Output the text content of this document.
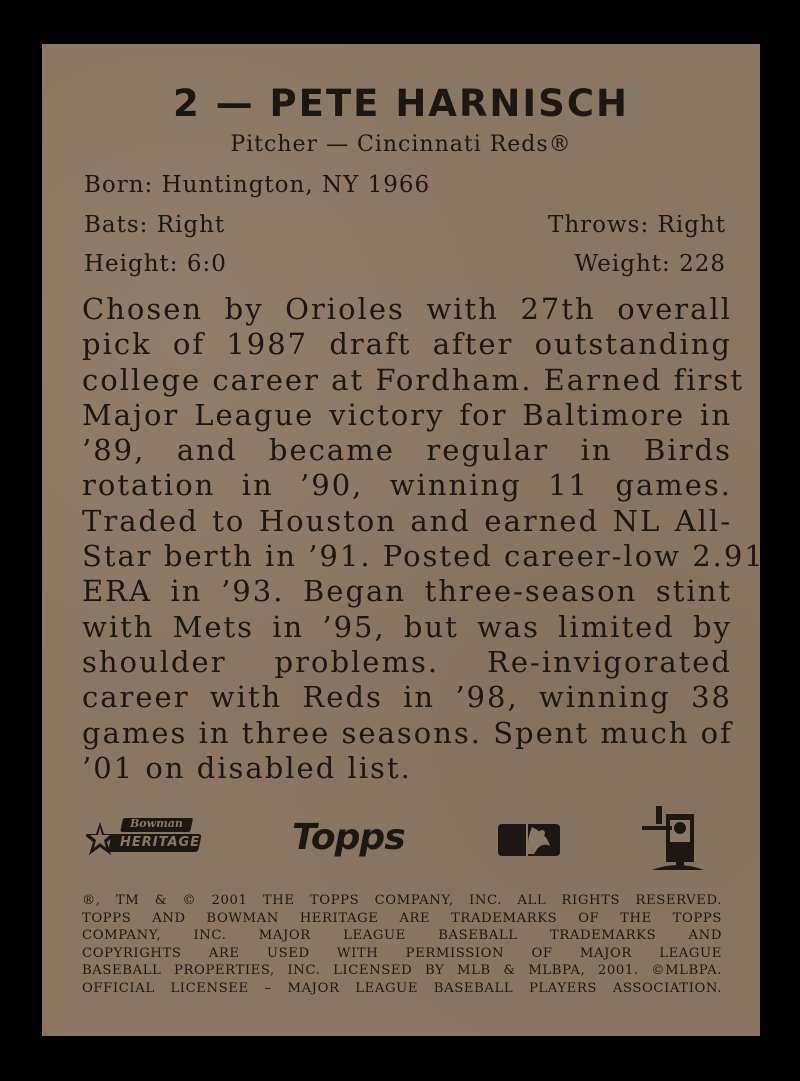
2 — PETE HARNISCH
Pitcher — Cincinnati Reds®
Born: Huntington, NY 1966
Bats: Right	Throws: Right
Height: 6:0	Weight: 228
Chosen by Orioles with 27th overall
pick of 1987 draft after outstanding
college career at Fordham. Earned first
Major League victory for Baltimore in
’89, and became regular in Birds
rotation in ’90, winning 11 games.
Traded to Houston and earned NL All-
Star berth in ’91. Posted career-low 2.91
ERA in ’93. Began three-season stint
with Mets in ’95, but was limited by
shoulder problems. Re-invigorated
career with Reds in ’98, winning 38
games in three seasons. Spent much of
’01 on disabled list.
Bowman
HERITAGE	Topps
®, TM & © 2001 THE TOPPS COMPANY, INC. ALL RIGHTS RESERVED.
TOPPS AND BOWMAN HERITAGE ARE TRADEMARKS OF THE TOPPS
COMPANY, INC. MAJOR LEAGUE BASEBALL TRADEMARKS AND
COPYRIGHTS ARE USED WITH PERMISSION OF MAJOR LEAGUE
BASEBALL PROPERTIES, INC. LICENSED BY MLB & MLBPA, 2001. ©MLBPA.
OFFICIAL LICENSEE – MAJOR LEAGUE BASEBALL PLAYERS ASSOCIATION.
